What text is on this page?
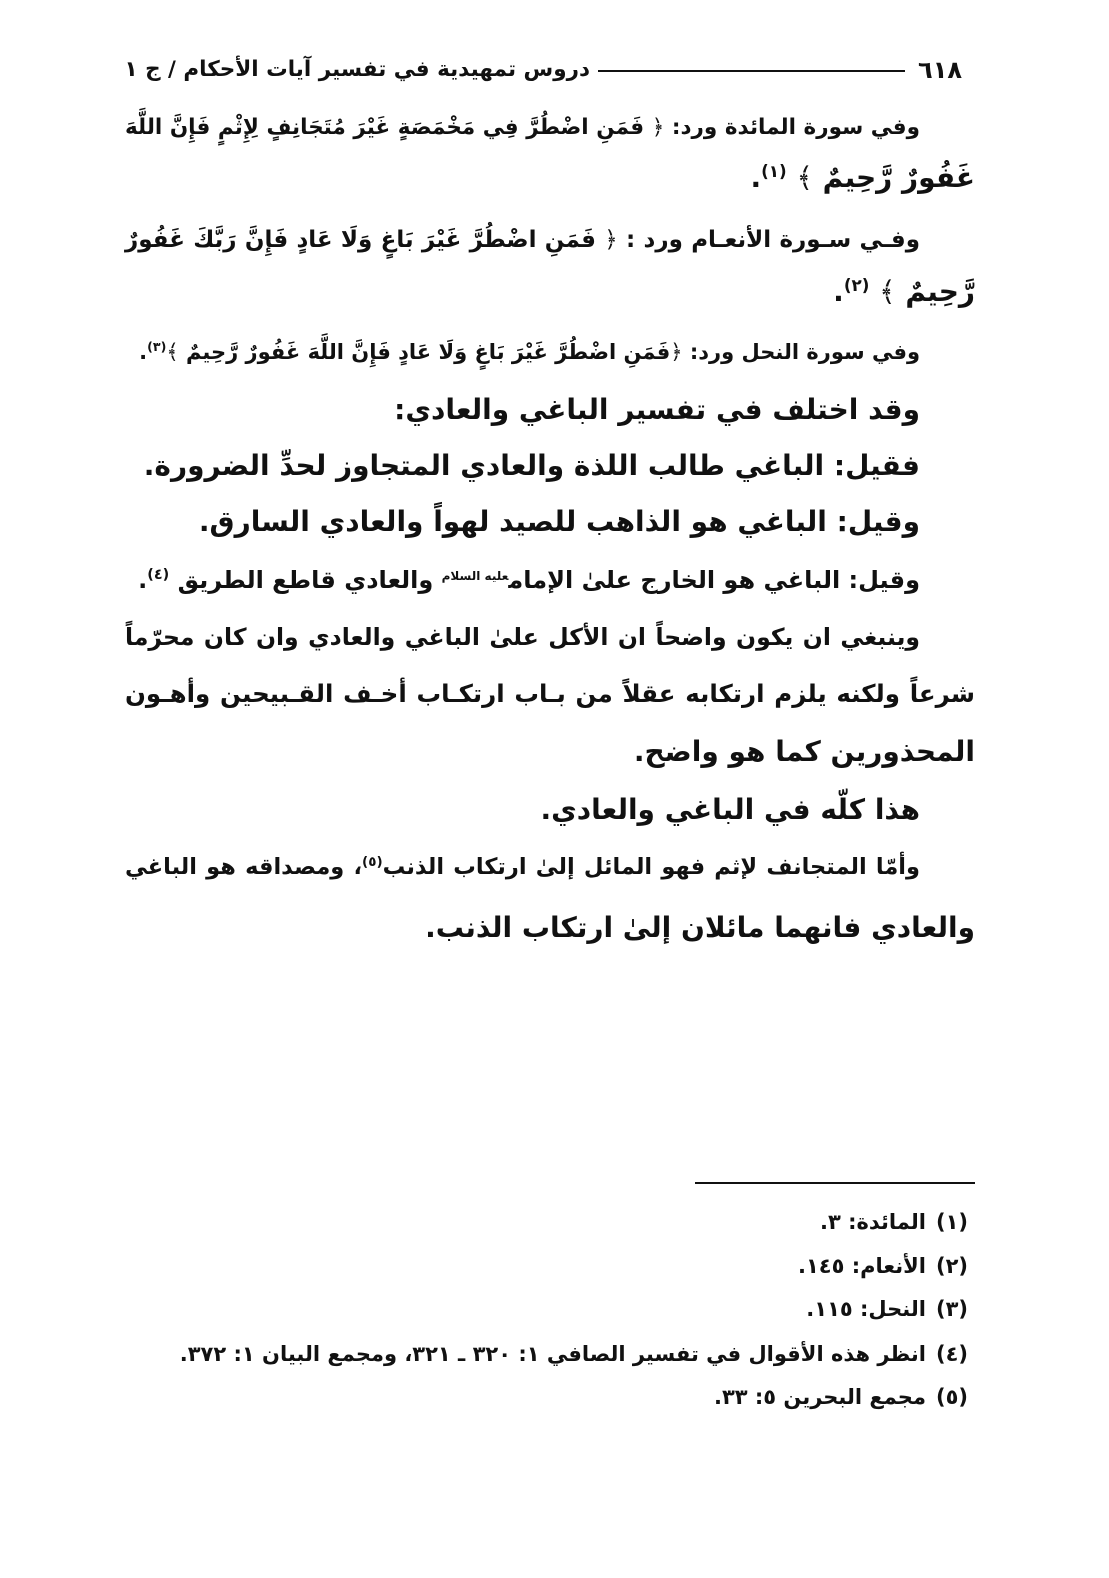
٦١٨
دروس تمهيدية في تفسير آيات الأحكام / ج ١
وفي سورة المائدة ورد: ﴿ فَمَنِ اضْطُرَّ فِي مَخْمَصَةٍ غَيْرَ مُتَجَانِفٍ لِإِثْمٍ فَإِنَّ اللَّهَ
غَفُورٌ رَّحِيمٌ ﴾ $^{(١)}$.
وفـي سـورة الأنعـام ورد : ﴿ فَمَنِ اضْطُرَّ غَيْرَ بَاغٍ وَلَا عَادٍ فَإِنَّ رَبَّكَ غَفُورٌ
رَّحِيمٌ ﴾ $^{(٢)}$.
وفي سورة النحل ورد: ﴿فَمَنِ اضْطُرَّ غَيْرَ بَاغٍ وَلَا عَادٍ فَإِنَّ اللَّهَ غَفُورٌ رَّحِيمٌ ﴾$^{(٣)}$.
وقد اختلف في تفسير الباغي والعادي:
فقيل: الباغي طالب اللذة والعادي المتجاوز لحدِّ الضرورة.
وقيل: الباغي هو الذاهب للصيد لهواً والعادي السارق.
وقيل: الباغي هو الخارج علىٰ الإمام$^{عليه السلام}$ والعادي قاطع الطريق $^{(٤)}$.
وينبغي ان يكون واضحاً ان الأكل علىٰ الباغي والعادي وان كان محرّماً
شرعاً ولكنه يلزم ارتكابه عقلاً من بـاب ارتكـاب أخـف القـبيحين وأهـون
المحذورين كما هو واضح.
هذا كلّه في الباغي والعادي.
وأمّا المتجانف لإثم فهو المائل إلىٰ ارتكاب الذنب$^{(٥)}$، ومصداقه هو الباغي
والعادي فانهما مائلان إلىٰ ارتكاب الذنب.
(١)المائدة: ٣.
(٢)الأنعام: ١٤٥.
(٣)النحل: ١١٥.
(٤)انظر هذه الأقوال في تفسير الصافي ١: ٣٢٠ ـ ٣٢١، ومجمع البيان ١: ٣٧٢.
(٥)مجمع البحرين ٥: ٣٣.
